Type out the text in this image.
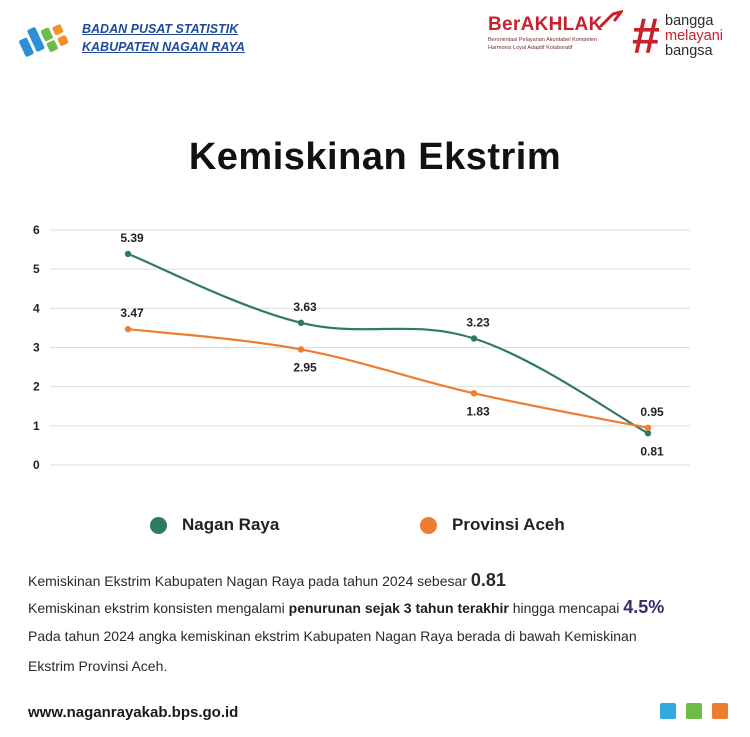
BADAN PUSAT STATISTIK
KABUPATEN NAGAN RAYA
BerAKHLAK
Berorientasi Pelayanan Akuntabel Kompeten
Harmonis Loyal Adaptif Kolaboratif	# bangga
melayani
bangsa
Kemiskinan Ekstrim
0
1
2
3
4
5
6
5.39
3.63
3.23
0.81
3.47
2.95
1.83	0.95
Nagan Raya	Provinsi Aceh
Kemiskinan Ekstrim Kabupaten Nagan Raya pada tahun 2024 sebesar 0.81
Kemiskinan ekstrim konsisten mengalami penurunan sejak 3 tahun terakhir hingga mencapai 4.5%
Pada tahun 2024 angka kemiskinan ekstrim Kabupaten Nagan Raya berada di bawah Kemiskinan
Ekstrim Provinsi Aceh.
www.naganrayakab.bps.go.id
